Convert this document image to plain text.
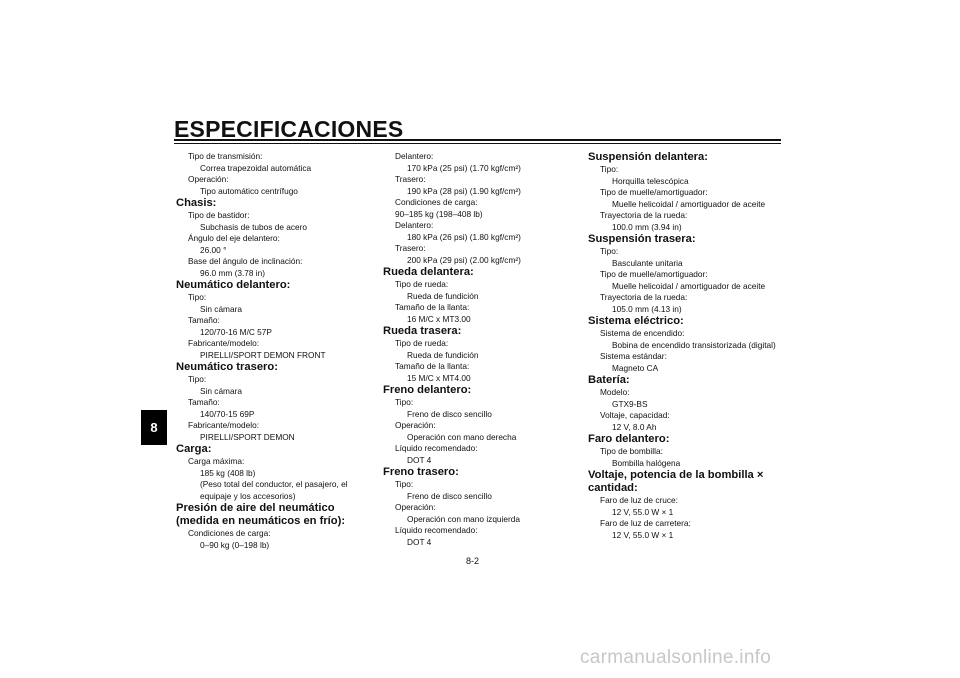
ESPECIFICACIONES
8
Tipo de transmisión:
Correa trapezoidal automática
Operación:
Tipo automático centrífugo
Chasis:
Tipo de bastidor:
Subchasis de tubos de acero
Ángulo del eje delantero:
26.00 °
Base del ángulo de inclinación:
96.0 mm (3.78 in)
Neumático delantero:
Tipo:
Sin cámara
Tamaño:
120/70-16 M/C 57P
Fabricante/modelo:
PIRELLI/SPORT DEMON FRONT
Neumático trasero:
Tipo:
Sin cámara
Tamaño:
140/70-15 69P
Fabricante/modelo:
PIRELLI/SPORT DEMON
Carga:
Carga máxima:
185 kg (408 lb)
(Peso total del conductor, el pasajero, el equipaje y los accesorios)
Presión de aire del neumático (medida en neumáticos en frío):
Condiciones de carga:
0–90 kg (0–198 lb)
Delantero:
170 kPa (25 psi) (1.70 kgf/cm²)
Trasero:
190 kPa (28 psi) (1.90 kgf/cm²)
Condiciones de carga:
90–185 kg (198–408 lb)
Delantero:
180 kPa (26 psi) (1.80 kgf/cm²)
Trasero:
200 kPa (29 psi) (2.00 kgf/cm²)
Rueda delantera:
Tipo de rueda:
Rueda de fundición
Tamaño de la llanta:
16 M/C x MT3.00
Rueda trasera:
Tipo de rueda:
Rueda de fundición
Tamaño de la llanta:
15 M/C x MT4.00
Freno delantero:
Tipo:
Freno de disco sencillo
Operación:
Operación con mano derecha
Líquido recomendado:
DOT 4
Freno trasero:
Tipo:
Freno de disco sencillo
Operación:
Operación con mano izquierda
Líquido recomendado:
DOT 4
Suspensión delantera:
Tipo:
Horquilla telescópica
Tipo de muelle/amortiguador:
Muelle helicoidal / amortiguador de aceite
Trayectoria de la rueda:
100.0 mm (3.94 in)
Suspensión trasera:
Tipo:
Basculante unitaria
Tipo de muelle/amortiguador:
Muelle helicoidal / amortiguador de aceite
Trayectoria de la rueda:
105.0 mm (4.13 in)
Sistema eléctrico:
Sistema de encendido:
Bobina de encendido transistorizada (digital)
Sistema estándar:
Magneto CA
Batería:
Modelo:
GTX9-BS
Voltaje, capacidad:
12 V, 8.0 Ah
Faro delantero:
Tipo de bombilla:
Bombilla halógena
Voltaje, potencia de la bombilla × cantidad:
Faro de luz de cruce:
12 V, 55.0 W × 1
Faro de luz de carretera:
12 V, 55.0 W × 1
8-2
carmanualsonline.info
